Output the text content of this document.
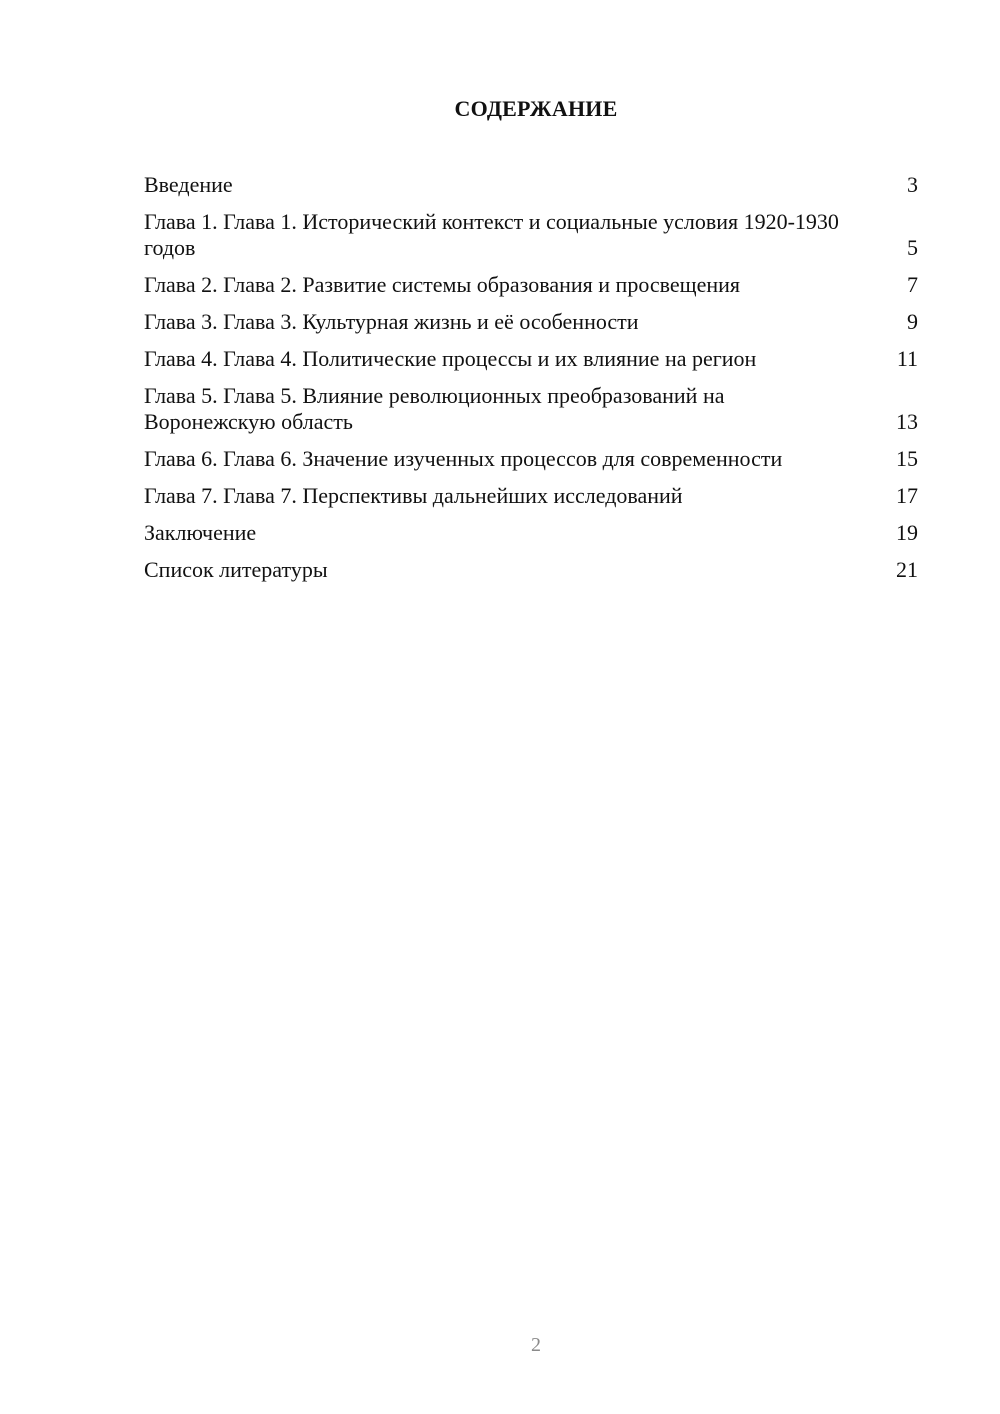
СОДЕРЖАНИЕ
Введение	3
Глава 1. Глава 1. Исторический контекст и социальные условия 1920-1930 годов	5
Глава 2. Глава 2. Развитие системы образования и просвещения	7
Глава 3. Глава 3. Культурная жизнь и её особенности	9
Глава 4. Глава 4. Политические процессы и их влияние на регион	11
Глава 5. Глава 5. Влияние революционных преобразований на Воронежскую область	13
Глава 6. Глава 6. Значение изученных процессов для современности	15
Глава 7. Глава 7. Перспективы дальнейших исследований	17
Заключение	19
Список литературы	21
2
